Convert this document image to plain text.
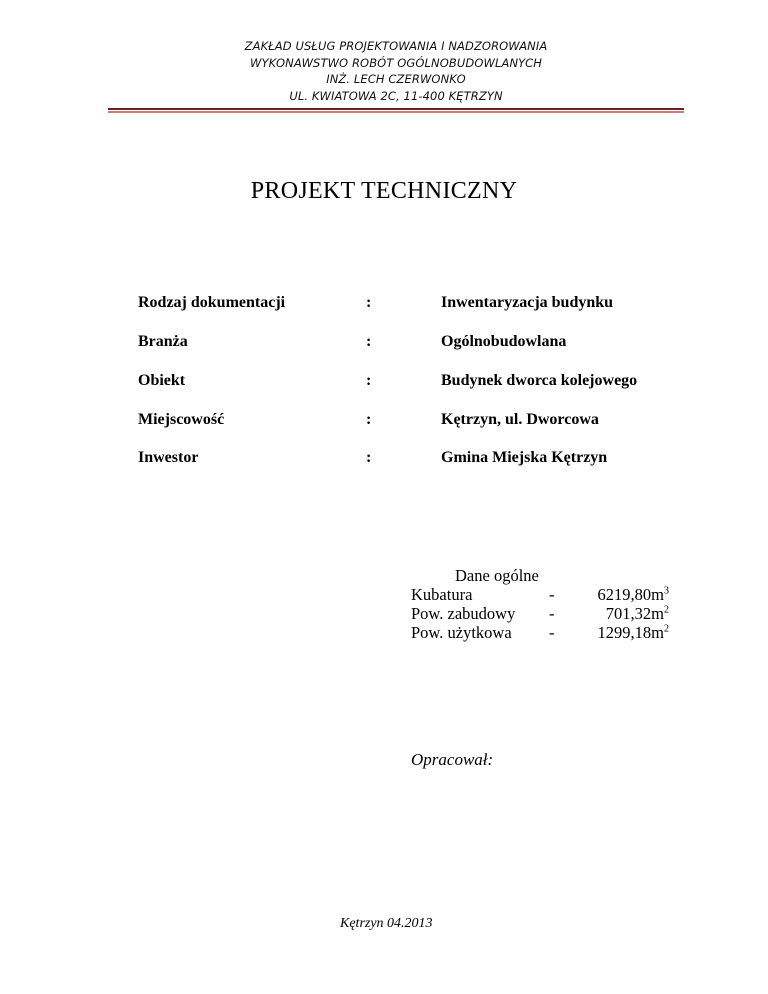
ZAKŁAD USŁUG PROJEKTOWANIA I NADZOROWANIA
WYKONAWSTWO ROBÓT OGÓLNOBUDOWLANYCH
INŻ. LECH CZERWONKO
UL. KWIATOWA 2C, 11-400 KĘTRZYN
PROJEKT TECHNICZNY
Rodzaj dokumentacji	:	Inwentaryzacja budynku
Branża	:	Ogólnobudowlana
Obiekt	:	Budynek dworca kolejowego
Miejscowość	:	Kętrzyn, ul. Dworcowa
Inwestor	:	Gmina Miejska Kętrzyn
Dane ogólne
Kubatura	-	$6219,80m^3$
Pow. zabudowy -	$701,32m^2$
Pow. użytkowa -	$1299,18m^2$
Opracował:
Kętrzyn 04.2013
